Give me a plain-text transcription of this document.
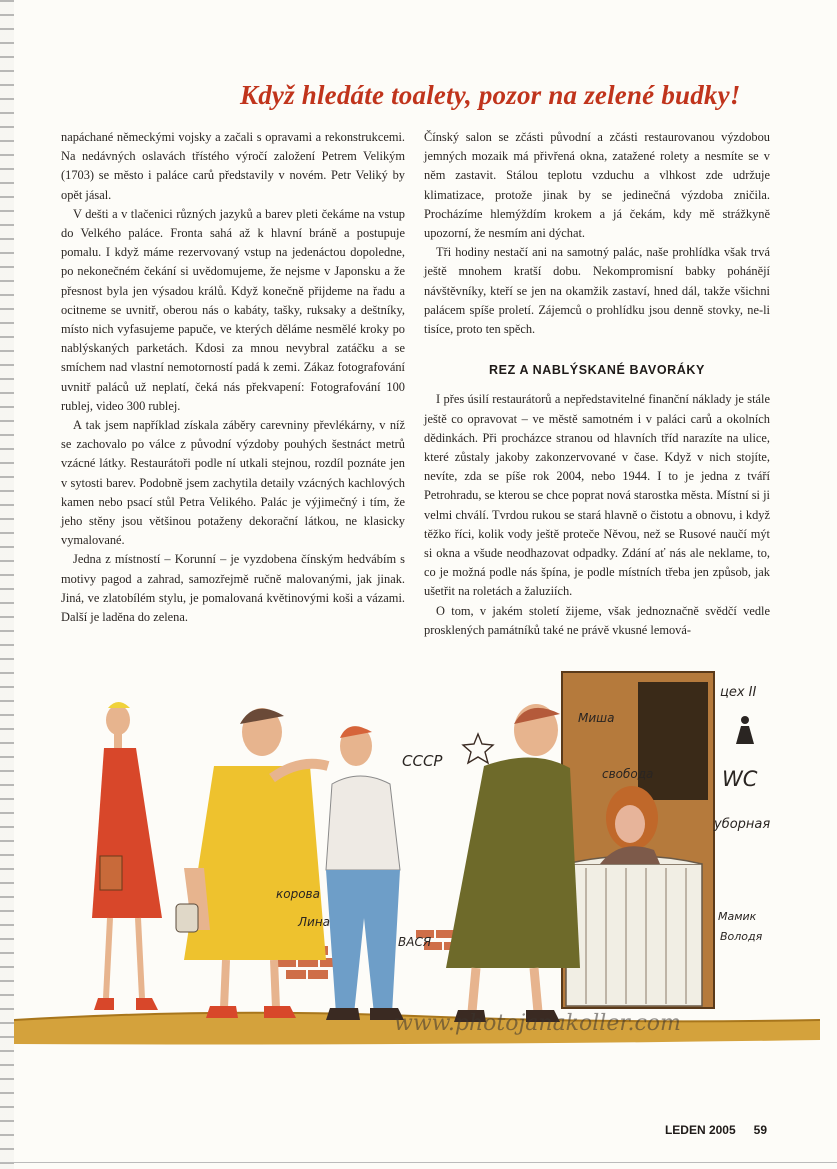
Když hledáte toalety, pozor na zelené budky!

napáchané německými vojsky a začali s opravami a rekonstrukcemi. Na nedávných oslavách třístého výročí založení Petrem Velikým (1703) se město i paláce carů představily v novém. Petr Veliký by opět jásal.

V dešti a v tlačenici různých jazyků a barev pleti čekáme na vstup do Velkého paláce. Fronta sahá až k hlavní bráně a postupuje pomalu. I když máme rezervovaný vstup na jedenáctou dopoledne, po nekonečném čekání si uvědomujeme, že nejsme v Japonsku a že přesnost byla jen výsadou králů. Když konečně přijdeme na řadu a ocitneme se uvnitř, oberou nás o kabáty, tašky, ruksaky a deštníky, místo nich vyfasujeme papuče, ve kterých děláme nesmělé kroky po nablýskaných parketách. Kdosi za mnou nevybral zatáčku a se smíchem nad vlastní nemotorností padá k zemi. Zákaz fotografování uvnitř paláců už neplatí, čeká nás překvapení: Fotografování 100 rublej, video 300 rublej.

A tak jsem například získala záběry carevniny převlékárny, v níž se zachovalo po válce z původní výzdoby pouhých šestnáct metrů vzácné látky. Restaurátoři podle ní utkali stejnou, rozdíl poznáte jen v sytosti barev. Podobně jsem zachytila detaily vzácných kachlových kamen nebo psací stůl Petra Velikého. Palác je výjimečný i tím, že jeho stěny jsou většinou potaženy dekorační látkou, ne klasicky vymalované.

Jedna z místností – Korunní – je vyzdobena čínským hedvábím s motivy pagod a zahrad, samozřejmě ručně malovanými, jak jinak. Jiná, ve zlatobílém stylu, je pomalovaná květinovými koši a vázami. Další je laděna do zelena.

Čínský salon se zčásti původní a zčásti restaurovanou výzdobou jemných mozaik má přivřená okna, zatažené rolety a nesmíte se v něm zastavit. Stálou teplotu vzduchu a vlhkost zde udržuje klimatizace, protože jinak by se jedinečná výzdoba zničila. Procházíme hlemýždím krokem a já čekám, kdy mě strážkyně upozorní, že nesmím ani dýchat.

Tři hodiny nestačí ani na samotný palác, naše prohlídka však trvá ještě mnohem kratší dobu. Nekompromisní babky pohánějí návštěvníky, kteří se jen na okamžik zastaví, hned dál, takže všichni palácem spíše proletí. Zájemců o prohlídku jsou denně stovky, ne-li tisíce, proto ten spěch.

REZ A NABLÝSKANÉ BAVORÁKY

I přes úsilí restaurátorů a nepředstavitelné finanční náklady je stále ještě co opravovat – ve městě samotném i v paláci carů a okolních dědinkách. Při procházce stranou od hlavních tříd narazíte na ulice, které zůstaly jakoby zakonzervované v čase. Když v nich stojíte, nevíte, zda se píše rok 2004, nebo 1944. I to je jedna z tváří Petrohradu, se kterou se chce poprat nová starostka města. Místní si ji velmi chválí. Tvrdou rukou se stará hlavně o čistotu a obnovu, i když těžko říci, kolik vody ještě proteče Něvou, než se Rusové naučí mýt si okna a všude neodhazovat odpadky. Zdání ať nás ale neklame, to, co je možná podle nás špína, je podle místních třeba jen způsob, jak ušetřit na roletách a žaluziích.

O tom, v jakém století žijeme, však jednoznačně svědčí vedle prosklených památníků také ne právě vkusné lemová-

СССР
цех II
WC
уборная
корова
Лина
ВАСЯ
Миша
свобода
Мамик
Володя
www.photojanakoller.com
LEDEN 2005 59
